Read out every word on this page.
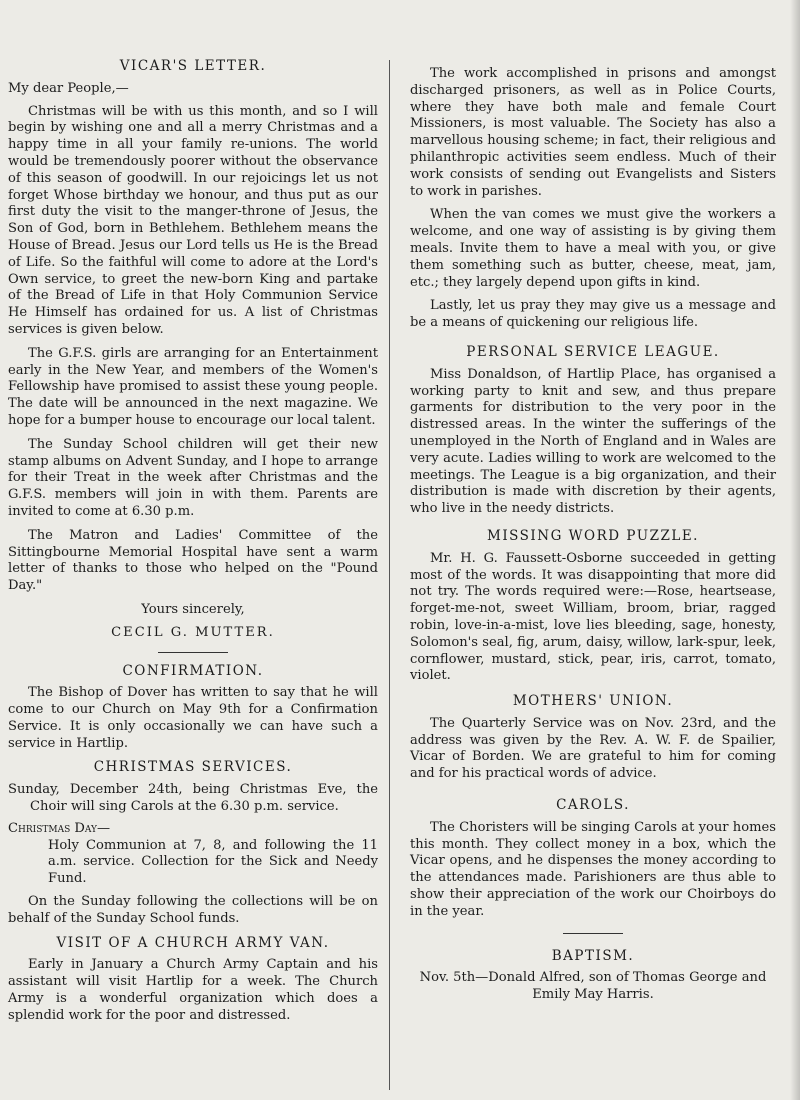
VICAR'S LETTER.
My dear People,—

Christmas will be with us this month, and so I will begin by wishing one and all a merry Christmas and a happy time in all your family re-unions. The world would be tremendously poorer without the observance of this season of goodwill. In our rejoicings let us not forget Whose birthday we honour, and thus put as our first duty the visit to the manger-throne of Jesus, the Son of God, born in Bethlehem. Bethlehem means the House of Bread. Jesus our Lord tells us He is the Bread of Life. So the faithful will come to adore at the Lord's Own service, to greet the new-born King and partake of the Bread of Life in that Holy Communion Service He Himself has ordained for us. A list of Christmas services is given below.

The G.F.S. girls are arranging for an Entertainment early in the New Year, and members of the Women's Fellowship have promised to assist these young people. The date will be announced in the next magazine. We hope for a bumper house to encourage our local talent.

The Sunday School children will get their new stamp albums on Advent Sunday, and I hope to arrange for their Treat in the week after Christmas and the G.F.S. members will join in with them. Parents are invited to come at 6.30 p.m.

The Matron and Ladies' Committee of the Sittingbourne Memorial Hospital have sent a warm letter of thanks to those who helped on the "Pound Day."

Yours sincerely,
CECIL G. MUTTER.
CONFIRMATION.

The Bishop of Dover has written to say that he will come to our Church on May 9th for a Confirmation Service. It is only occasionally we can have such a service in Hartlip.

CHRISTMAS SERVICES.
Sunday, December 24th, being Christmas Eve, the Choir will sing Carols at the 6.30 p.m. service.
Christmas Day—
Holy Communion at 7, 8, and following the 11 a.m. service. Collection for the Sick and Needy Fund.

On the Sunday following the collections will be on behalf of the Sunday School funds.

VISIT OF A CHURCH ARMY VAN.

Early in January a Church Army Captain and his assistant will visit Hartlip for a week. The Church Army is a wonderful organization which does a splendid work for the poor and distressed.

The work accomplished in prisons and amongst discharged prisoners, as well as in Police Courts, where they have both male and female Court Missioners, is most valuable. The Society has also a marvellous housing scheme; in fact, their religious and philanthropic activities seem endless. Much of their work consists of sending out Evangelists and Sisters to work in parishes.

When the van comes we must give the workers a welcome, and one way of assisting is by giving them meals. Invite them to have a meal with you, or give them something such as butter, cheese, meat, jam, etc.; they largely depend upon gifts in kind.

Lastly, let us pray they may give us a message and be a means of quickening our religious life.

PERSONAL SERVICE LEAGUE.

Miss Donaldson, of Hartlip Place, has organised a working party to knit and sew, and thus prepare garments for distribution to the very poor in the distressed areas. In the winter the sufferings of the unemployed in the North of England and in Wales are very acute. Ladies willing to work are welcomed to the meetings. The League is a big organization, and their distribution is made with discretion by their agents, who live in the needy districts.

MISSING WORD PUZZLE.

Mr. H. G. Faussett-Osborne succeeded in getting most of the words. It was disappointing that more did not try. The words required were:—Rose, heartsease, forget-me-not, sweet William, broom, briar, ragged robin, love-in-a-mist, love lies bleeding, sage, honesty, Solomon's seal, fig, arum, daisy, willow, lark-spur, leek, cornflower, mustard, stick, pear, iris, carrot, tomato, violet.

MOTHERS' UNION.

The Quarterly Service was on Nov. 23rd, and the address was given by the Rev. A. W. F. de Spailier, Vicar of Borden. We are grateful to him for coming and for his practical words of advice.

CAROLS.

The Choristers will be singing Carols at your homes this month. They collect money in a box, which the Vicar opens, and he dispenses the money according to the attendances made. Parishioners are thus able to show their appreciation of the work our Choirboys do in the year.

BAPTISM.
Nov. 5th—Donald Alfred, son of Thomas George and Emily May Harris.
